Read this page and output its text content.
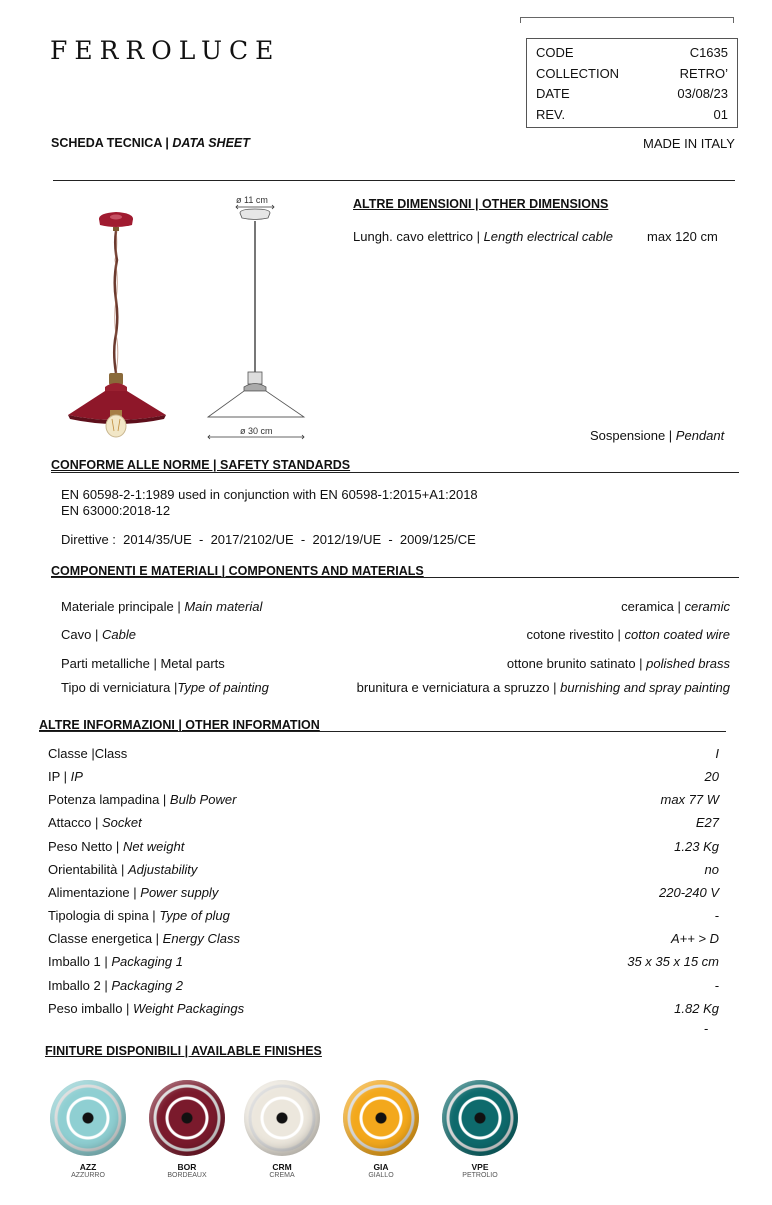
FERROLUCE	CODE	C1635
COLLECTION	RETRO’
DATE	03/08/23
REV.	01
SCHEDA TECNICA | DATA SHEET	MADE IN ITALY
ø 11 cm
ø 30 cm
ALTRE DIMENSIONI | OTHER DIMENSIONS
Lungh. cavo elettrico | Length electrical cable	max 120 cm
Sospensione | Pendant
CONFORME ALLE NORME | SAFETY STANDARDS
EN 60598-2-1:1989 used in conjunction with EN 60598-1:2015+A1:2018
EN 63000:2018-12
Direttive :  2014/35/UE  -  2017/2102/UE  -  2012/19/UE  -  2009/125/CE
COMPONENTI E MATERIALI | COMPONENTS AND MATERIALS
Materiale principale | Main material	ceramica | ceramic
Cavo | Cable	cotone rivestito | cotton coated wire
Parti metalliche | Metal parts	ottone brunito satinato | polished brass
Tipo di verniciatura |Type of painting	brunitura e verniciatura a spruzzo | burnishing and spray painting
ALTRE INFORMAZIONI | OTHER INFORMATION
Classe |Class	I
IP | IP	20
Potenza lampadina | Bulb Power	max 77 W
Attacco | Socket	E27
Peso Netto | Net weight	1.23 Kg
Orientabilità | Adjustability	no
Alimentazione | Power supply	220-240 V
Tipologia di spina | Type of plug	-
Classe energetica | Energy Class	A++ > D
Imballo 1 | Packaging 1	35 x 35 x 15 cm
Imballo 2 | Packaging 2	-
Peso imballo | Weight Packagings	1.82 Kg
-
FINITURE DISPONIBILI | AVAILABLE FINISHES
AZZ
AZZURRO
BOR
BORDEAUX
CRM
CREMA
GIA
GIALLO
VPE
PETROLIO
